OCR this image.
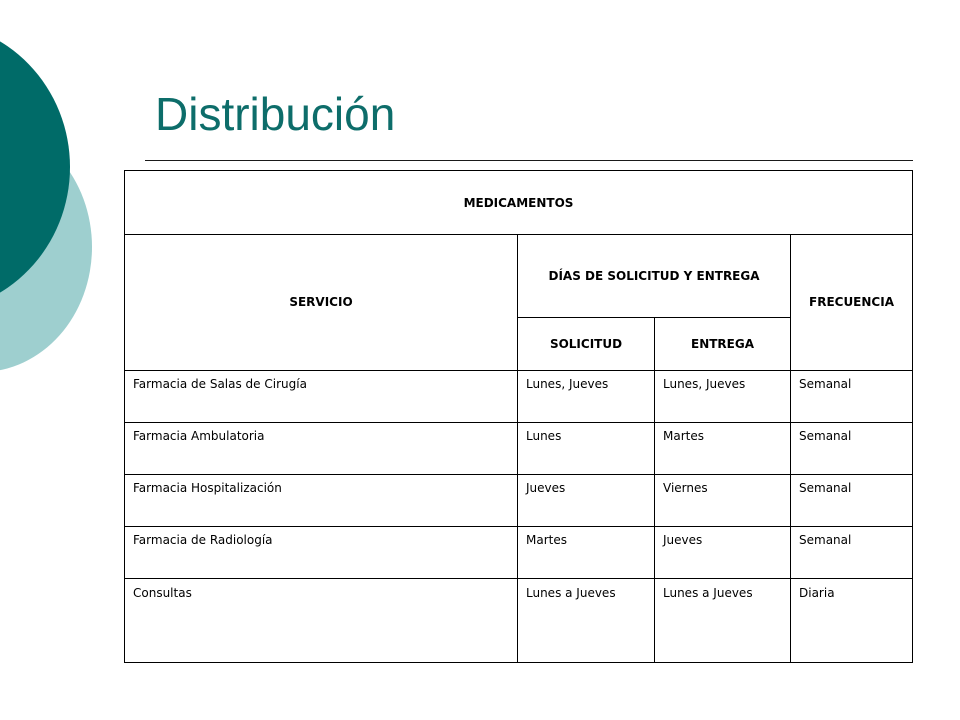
Distribución
MEDICAMENTOS			
SERVICIO	DÍAS DE SOLICITUD Y ENTREGA		FRECUENCIA
	SOLICITUD	ENTREGA	
Farmacia de Salas de Cirugía	Lunes, Jueves	Lunes, Jueves	Semanal
Farmacia Ambulatoria	Lunes	Martes	Semanal
Farmacia Hospitalización	Jueves	Viernes	Semanal
Farmacia de Radiología	Martes	Jueves	Semanal
Consultas	Lunes a Jueves	Lunes a Jueves	Diaria
